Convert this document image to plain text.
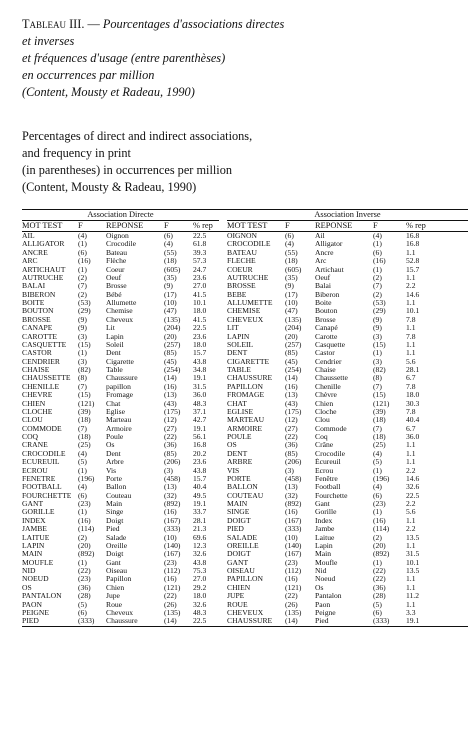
Tableau III. — Pourcentages d'associations directes
et inverses
et fréquences d'usage (entre parenthèses)
en occurrences par million
(Content, Mousty et Radeau, 1990)
Percentages of direct and indirect associations,
and frequency in print
(in parentheses) in occurrences per million
(Content, Mousty & Radeau, 1990)
Association Directe						Association Inverse				
MOT TEST	F	REPONSE	F	% rep		MOT TEST	F	REPONSE	F	% rep
AIL	(4)	Oignon	(6)	22.5		OIGNON	(6)	Ail	(4)	16.8
ALLIGATOR	(1)	Crocodile	(4)	61.8		CROCODILE	(4)	Alligator	(1)	16.8
ANCRE	(6)	Bateau	(55)	39.3		BATEAU	(55)	Ancre	(6)	1.1
ARC	(16)	Flèche	(18)	57.3		FLECHE	(18)	Arc	(16)	52.8
ARTICHAUT	(1)	Coeur	(605)	24.7		COEUR	(605)	Artichaut	(1)	15.7
AUTRUCHE	(2)	Oeuf	(35)	23.6		AUTRUCHE	(35)	Oeuf	(2)	1.1
BALAI	(7)	Brosse	(9)	27.0		BROSSE	(9)	Balai	(7)	2.2
BIBERON	(2)	Bébé	(17)	41.5		BEBE	(17)	Biberon	(2)	14.6
BOITE	(53)	Allumette	(10)	10.1		ALLUMETTE	(10)	Boite	(53)	1.1
BOUTON	(29)	Chemise	(47)	18.0		CHEMISE	(47)	Bouton	(29)	10.1
BROSSE	(9)	Cheveux	(135)	41.5		CHEVEUX	(135)	Brosse	(9)	7.8
CANAPE	(9)	Lit	(204)	22.5		LIT	(204)	Canapé	(9)	1.1
CAROTTE	(3)	Lapin	(20)	23.6		LAPIN	(20)	Carotte	(3)	7.8
CASQUETTE	(15)	Soleil	(257)	18.0		SOLEIL	(257)	Casquette	(15)	1.1
CASTOR	(1)	Dent	(85)	15.7		DENT	(85)	Castor	(1)	1.1
CENDRIER	(3)	Cigarette	(45)	43.8		CIGARETTE	(45)	Cendrier	(3)	5.6
CHAISE	(82)	Table	(254)	34.8		TABLE	(254)	Chaise	(82)	28.1
CHAUSSETTE	(8)	Chaussure	(14)	19.1		CHAUSSURE	(14)	Chaussette	(8)	6.7
CHENILLE	(7)	papillon	(16)	31.5		PAPILLON	(16)	Chenille	(7)	7.8
CHEVRE	(15)	Fromage	(13)	36.0		FROMAGE	(13)	Chèvre	(15)	18.0
CHIEN	(121)	Chat	(43)	48.3		CHAT	(43)	Chien	(121)	30.3
CLOCHE	(39)	Eglise	(175)	37.1		EGLISE	(175)	Cloche	(39)	7.8
CLOU	(18)	Marteau	(12)	42.7		MARTEAU	(12)	Clou	(18)	40.4
COMMODE	(7)	Armoire	(27)	19.1		ARMOIRE	(27)	Commode	(7)	6.7
COQ	(18)	Poule	(22)	56.1		POULE	(22)	Coq	(18)	36.0
CRANE	(25)	Os	(36)	16.8		OS	(36)	Crâne	(25)	1.1
CROCODILE	(4)	Dent	(85)	20.2		DENT	(85)	Crocodile	(4)	1.1
ECUREUIL	(5)	Arbre	(206)	23.6		ARBRE	(206)	Écureuil	(5)	1.1
ECROU	(1)	Vis	(3)	43.8		VIS	(3)	Ecrou	(1)	2.2
FENETRE	(196)	Porte	(458)	15.7		PORTE	(458)	Fenêtre	(196)	14.6
FOOTBALL	(4)	Ballon	(13)	40.4		BALLON	(13)	Football	(4)	32.6
FOURCHETTE	(6)	Couteau	(32)	49.5		COUTEAU	(32)	Fourchette	(6)	22.5
GANT	(23)	Main	(892)	19.1		MAIN	(892)	Gant	(23)	2.2
GORILLE	(1)	Singe	(16)	33.7		SINGE	(16)	Gorille	(1)	5.6
INDEX	(16)	Doigt	(167)	28.1		DOIGT	(167)	Index	(16)	1.1
JAMBE	(114)	Pied	(333)	21.3		PIED	(333)	Jambe	(114)	2.2
LAITUE	(2)	Salade	(10)	69.6		SALADE	(10)	Laitue	(2)	13.5
LAPIN	(20)	Oreille	(140)	12.3		OREILLE	(140)	Lapin	(20)	1.1
MAIN	(892)	Doigt	(167)	32.6		DOIGT	(167)	Main	(892)	31.5
MOUFLE	(1)	Gant	(23)	43.8		GANT	(23)	Moufle	(1)	10.1
NID	(22)	Oiseau	(112)	75.3		OISEAU	(112)	Nid	(22)	13.5
NOEUD	(23)	Papillon	(16)	27.0		PAPILLON	(16)	Noeud	(22)	1.1
OS	(36)	Chien	(121)	29.2		CHIEN	(121)	Os	(36)	1.1
PANTALON	(28)	Jupe	(22)	18.0		JUPE	(22)	Pantalon	(28)	11.2
PAON	(5)	Roue	(26)	32.6		ROUE	(26)	Paon	(5)	1.1
PEIGNE	(6)	Cheveux	(135)	48.3		CHEVEUX	(135)	Peigne	(6)	3.3
PIED	(333)	Chaussure	(14)	22.5		CHAUSSURE	(14)	Pied	(333)	19.1
